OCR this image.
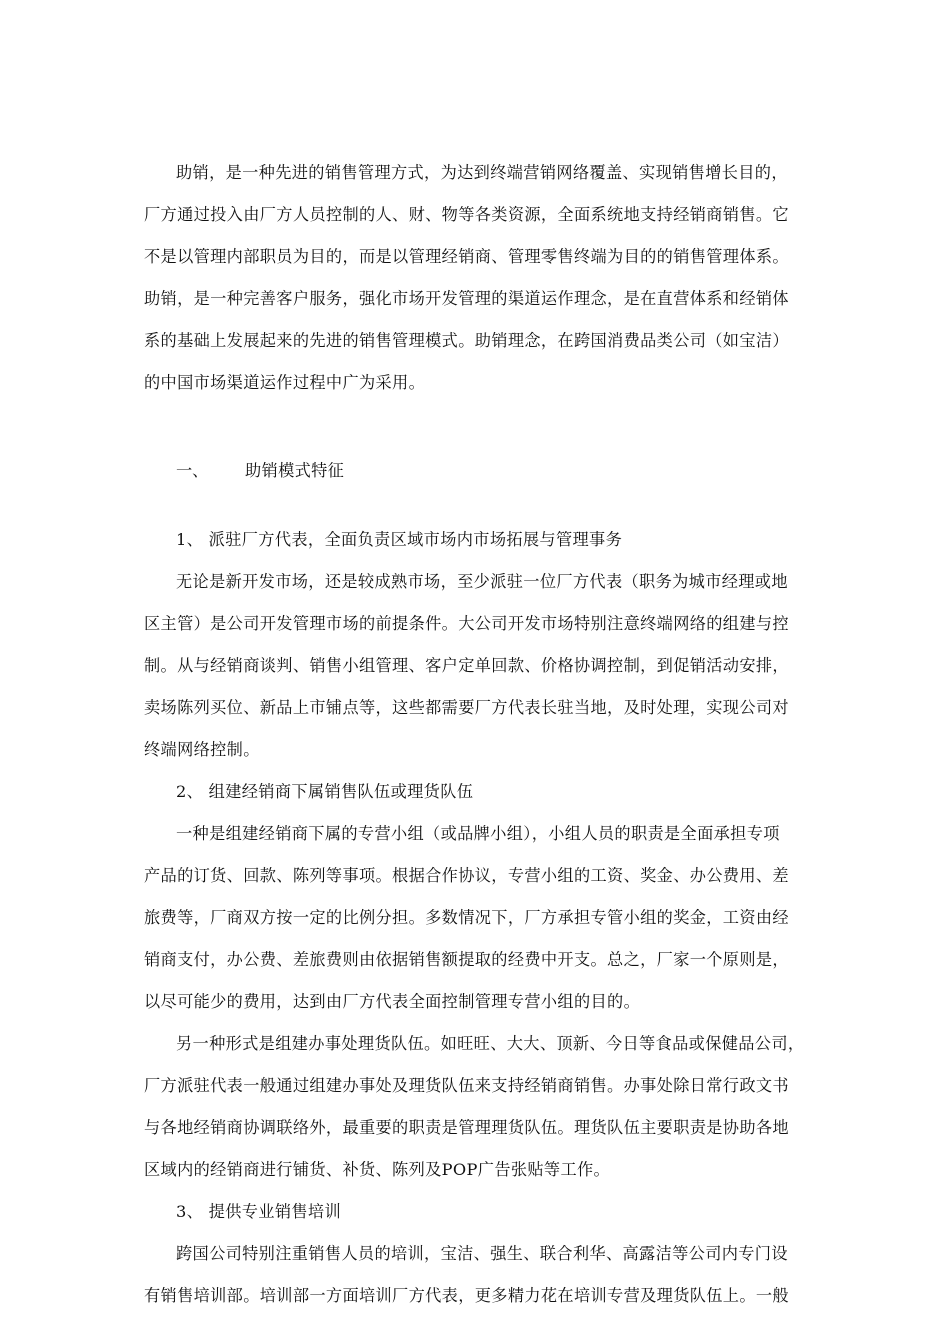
助销，是一种先进的销售管理方式，为达到终端营销网络覆盖、实现销售增长目的，
厂方通过投入由厂方人员控制的人、财、物等各类资源，全面系统地支持经销商销售。它
不是以管理内部职员为目的，而是以管理经销商、管理零售终端为目的的销售管理体系。
助销，是一种完善客户服务，强化市场开发管理的渠道运作理念，是在直营体系和经销体
系的基础上发展起来的先进的销售管理模式。助销理念，在跨国消费品类公司（如宝洁）
的中国市场渠道运作过程中广为采用。
一、 助销模式特征
1、 派驻厂方代表，全面负责区域市场内市场拓展与管理事务
无论是新开发市场，还是较成熟市场，至少派驻一位厂方代表（职务为城市经理或地
区主管）是公司开发管理市场的前提条件。大公司开发市场特别注意终端网络的组建与控
制。从与经销商谈判、销售小组管理、客户定单回款、价格协调控制，到促销活动安排，
卖场陈列买位、新品上市铺点等，这些都需要厂方代表长驻当地，及时处理，实现公司对
终端网络控制。
2、 组建经销商下属销售队伍或理货队伍
一种是组建经销商下属的专营小组（或品牌小组），小组人员的职责是全面承担专项
产品的订货、回款、陈列等事项。根据合作协议，专营小组的工资、奖金、办公费用、差
旅费等，厂商双方按一定的比例分担。多数情况下，厂方承担专管小组的奖金，工资由经
销商支付，办公费、差旅费则由依据销售额提取的经费中开支。总之，厂家一个原则是，
以尽可能少的费用，达到由厂方代表全面控制管理专营小组的目的。
另一种形式是组建办事处理货队伍。如旺旺、大大、顶新、今日等食品或保健品公司，
厂方派驻代表一般通过组建办事处及理货队伍来支持经销商销售。办事处除日常行政文书
与各地经销商协调联络外，最重要的职责是管理理货队伍。理货队伍主要职责是协助各地
区域内的经销商进行铺货、补货、陈列及POP广告张贴等工作。
3、 提供专业销售培训
跨国公司特别注重销售人员的培训，宝洁、强生、联合利华、高露洁等公司内专门设
有销售培训部。培训部一方面培训厂方代表，更多精力花在培训专营及理货队伍上。一般
